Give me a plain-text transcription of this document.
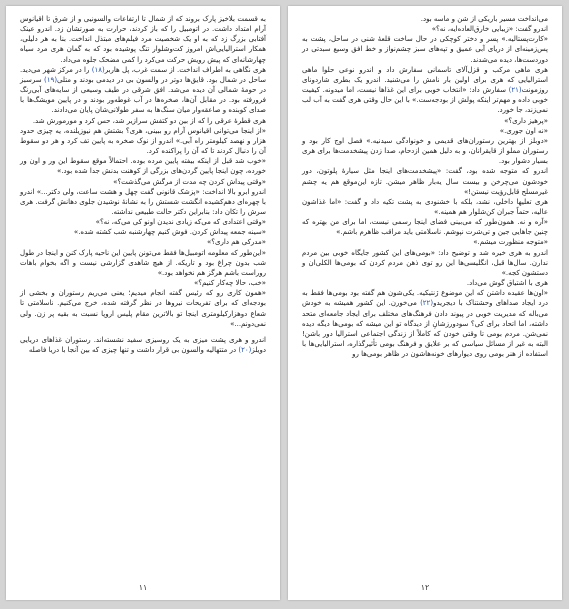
به قسمت بلاخیز پارک بروند که از شمال تا ارتفاعات والسونیی و از شرق تا اقیانوس آرام امتداد داشت. در اتومبیل را که باز کردند، حرارت به صورتشان زد. اندرو عینک آفتابی بزرگ زد که به او یک شخصیت مرد فیلم‌های مبتذل انداخت. بنا به هر دلیلی، همکار استرالیایی‌اش امروز کت‌وشلوار تنگ پوشیده بود که به گمان هری مرد سیاه چهارشانه‌ای که پیش رویش حرکت می‌کرد را کمی مضحک جلوه می‌داد.

هری نگاهی به اطراف انداخت. از سمت غرب، پل هاربر(۱۸) را در مرکز شهر می‌دید. ساحل در شمال بود. قایق‌ها دوتر در والسون بی در دیدمی بودند و متلی(۱۹) سرسبز در حومهٔ شمالی آن دیده می‌شد. افق شرقی در طیف وسیعی از سایه‌های آبی‌رنگ فرورفته بود. در مقابل آن‌ها، صخره‌ها در آب غوطه‌ور بودند و در پایین مویشگ‌ها با صدای کوبنده و صاعقه‌وار میان سنگ‌ها به سفر طولانی‌شان پایان می‌دادند.

هری قطرهٔ عرقی را که از بین دو کتفش سرازیر شد، حس کرد و مورمورش شد.

«از اینجا می‌توانی اقیانوس آرام رو ببینی، هری؟ بشتش هم نیوزیلنده، یه چیزی حدود هزار و نهصد کیلومتر راه آبی.» اندرو از نوک صخره به پایین تف کرد و هر دو سقوط آن را دنبال کردند تا که آن را پراکنده کرد.

«خوب شد قبل از اینکه بیفته پایین مرده بوده. احتمالاً موقع سقوط این ور و اون ور خورده، چون اینجا پایین گردن‌های بزرگی از کوهنت بدنش جدا شده بود.»

«وقتی پیداش کردن چه مدت از مرگش می‌گذشت؟»

اندرو ابرو بالا انداخت: «پزشک قانونی گفت چهل و هشت ساعت، ولی دکتر...» اندرو با چهره‌ای دهم‌کشیده انگشت شستش را به نشانهٔ نوشیدن جلوی دهانش گرفت. هری سرش را تکان داد: بنابراین دکتر حالت طبیعی نداشته.

«وقتی اعتدادی که می‌که زیادی ندیدن اونو کی می‌که، نه؟»

«سینه جمعه پیداش کردن. فوش کنیم چهارشنبه شب کشته شده.»

«مدرکی هم داری؟»

«این‌طور که معلومه اتومبیل‌ها فقط می‌تونن پایین این ناحیه پارک کنن و اینجا در طول شب بدون چراغ بود و تاریکه. از هیچ شاهدی گزارشی نیست و اگه بخوام باهات روراست باشم هرگز هم نخواهد بود.»

«خب، حالا چه‌کار کنیم؟»

«همون کاری رو که رئیس گفته انجام میدیم؛ یعنی می‌ریم رستوران و بخشی از بودجه‌ای که برای تفریحات نیروها در نظر گرفته شده، خرج می‌کنیم. ناسلامتی تا شعاع دوهزارکیلومتری اینجا تو بالاترین مقام پلیس اروپا نسبت به بقیه پر زن. ولی نمی‌دونم...»

اندرو و هری پشت میزی به یک روسیزی سفید نشسته‌اند. رستوران غذاهای دریایی دویلز(۲۰) در متتهالیه والسون بی قرار داشت و تنها چیزی که بین آنجا با دریا فاصله

۱۱

می‌انداخت مسیر باریکی از شن و ماسه بود.

اندرو گفت: «زیبایی خارق‌العاده‌ایه، نه؟»

«کارت‌پستالیه.» پسر و دختر کوچکی در حال ساخت قلعهٔ شنی در ساحل، پشت به پس‌زمینه‌ای از دریای آبی عمیق و تپه‌های سبز چشم‌نواز و خط افق وسیع سبدتی در دوردست‌ها، دیده می‌شدند.

هری ماهی مرکب و قزل‌آلای تاسمانی سفارش داد و اندرو نوعی حلوا ماهی استرالیایی که هری برای اولین بار نامش را می‌شنید. اندرو یک بطری شاردونای روزمونت(۲۱) سفارش داد: «انتخاب خوبی برای این غذاها نیست، اما میدونه. کیفیت خوبی داده و مهم‌تر اینکه پولش از بودجه‌ست.» با این حال وقتی هری گفت به آب لب نمی‌زند، جا خورد.

«پرهیز داری؟»

«نه اون جوری.»

«دوبلز از بهترین رستوران‌های قدیمی و خونوادگی سیدنیه.» فصل اوج کار بود و رستوران مملو از قایقرانان، و به دلیل همین ازدحام، صدا زدن پیشخدمت‌ها برای هری بسیار دشوار بود.

اندرو که متوجه شده بود، گفت: «پیشخدمت‌های اینجا مثل سیارهٔ پلوتون، دور خودشون می‌چرخن و بیست سال یه‌بار ظاهر میشن. تازه این‌موقع هم یه چشم غیرمسلح قابل‌رؤیت نیستن!»

هری تعلیها داخلی، نشد، بلکه با خشنودی به پشت تکیه داد و گفت: «اما غذاشون عالیه، حتماً جبران کن‌شلوار هم همینه.»

«آره و نه. همون‌طور که می‌بینی فضای اینجا رسمی نیست، اما برای من بهتره که چنین جاهایی جین و تی‌شرت نپوشم. ناسلامتی باید مراقب ظاهرم باشم.»

«متوجه منظورت میشم.»

اندرو به هری خیره شد و توضیح داد: «بومی‌های این کشور جایگاه خوبی بین مردم ندارن. سال‌ها قبل، انگلیسی‌ها این رو توی ذهن مردم کردن که بومی‌ها الکلی‌ان و دستشون کجه.»

هری با اشتیاق گوش می‌داد.

«اون‌ها عقیده داشتن که این موضوع ژنتیکیه. یکی‌شون هم گفته بود بومی‌ها فقط به درد ایجاد صداهای وحشتناک با دیجریدو(۲۲) می‌خورن. این کشور همیشه به خودش می‌باله که مدیریت خوبی در پیوند دادن فرهنگ‌های مختلف برای ایجاد جامعه‌ای متحد داشته، اما اتحاد برای کی؟ سودورزشانِ از دیدگاه تو این میشه که بومی‌ها دیگه دیده نمی‌شن. مردم بومی تا وقتی خودن که کاملاً از زندگی اجتماعی استرالیا دور باشن! البته به غیر از مسائل سیاسی که بر علایق و فرهنگ بومی تأثیرگذاره، استرالیایی‌ها با استفاده از هنر بومی روی دیوارهای خونه‌هاشون در ظاهر بومی‌ها رو

۱۲
